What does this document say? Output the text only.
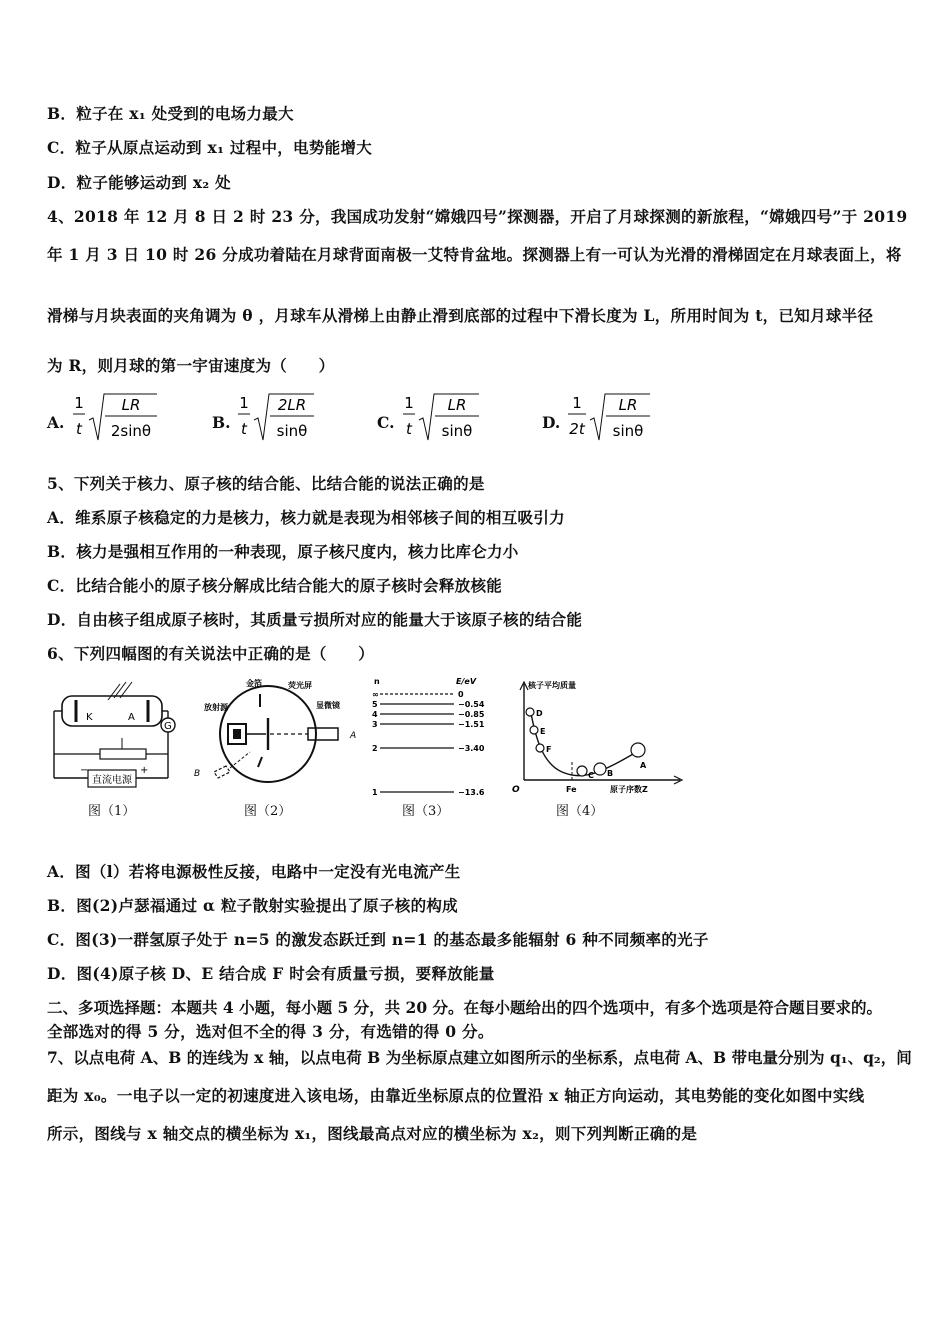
B．粒子在 x₁ 处受到的电场力最大
C．粒子从原点运动到 x₁ 过程中，电势能增大
D．粒子能够运动到 x₂ 处
4、2018 年 12 月 8 日 2 时 23 分，我国成功发射“嫦娥四号”探测器，开启了月球探测的新旅程，“嫦娥四号”于 2019
年 1 月 3 日 10 时 26 分成功着陆在月球背面南极一艾特肯盆地。探测器上有一可认为光滑的滑梯固定在月球表面上，将
滑梯与月块表面的夹角调为 θ ，月球车从滑梯上由静止滑到底部的过程中下滑长度为 L，所用时间为 t，已知月球半径
为 R，则月球的第一宇宙速度为（　　）
A.
1
t
LR
2sinθ	B.
1
t
2LR
sinθ	C.
1
t
LR
sinθ	D.
1
2t
LR
sinθ
5、下列关于核力、原子核的结合能、比结合能的说法正确的是
A．维系原子核稳定的力是核力，核力就是表现为相邻核子间的相互吸引力
B．核力是强相互作用的一种表现，原子核尺度内，核力比库仑力小
C．比结合能小的原子核分解成比结合能大的原子核时会释放核能
D．自由核子组成原子核时，其质量亏损所对应的能量大于该原子核的结合能
6、下列四幅图的有关说法中正确的是（　　）
K	A
G
直流电源
−	+
图（1）
金箔	荧光屏
显微镜
放射源
A
B
图（2）
n	E/eV
∞	0
5	−0.54
4	−0.85
3	−1.51
2	−3.40
1	−13.6
图（3）
核子平均质量
原子序数Z
O	Fe
D
E
F
C B
A
图（4）
A．图（l）若将电源极性反接，电路中一定没有光电流产生
B．图(2)卢瑟福通过 α 粒子散射实验提出了原子核的构成
C．图(3)一群氢原子处于 n=5 的激发态跃迁到 n=1 的基态最多能辐射 6 种不同频率的光子
D．图(4)原子核 D、E 结合成 F 时会有质量亏损，要释放能量
二、多项选择题：本题共 4 小题，每小题 5 分，共 20 分。在每小题给出的四个选项中，有多个选项是符合题目要求的。
全部选对的得 5 分，选对但不全的得 3 分，有选错的得 0 分。
7、以点电荷 A、B 的连线为 x 轴，以点电荷 B 为坐标原点建立如图所示的坐标系，点电荷 A、B 带电量分别为 q₁、q₂，间
距为 x₀。一电子以一定的初速度进入该电场，由靠近坐标原点的位置沿 x 轴正方向运动，其电势能的变化如图中实线
所示，图线与 x 轴交点的横坐标为 x₁，图线最高点对应的横坐标为 x₂，则下列判断正确的是
